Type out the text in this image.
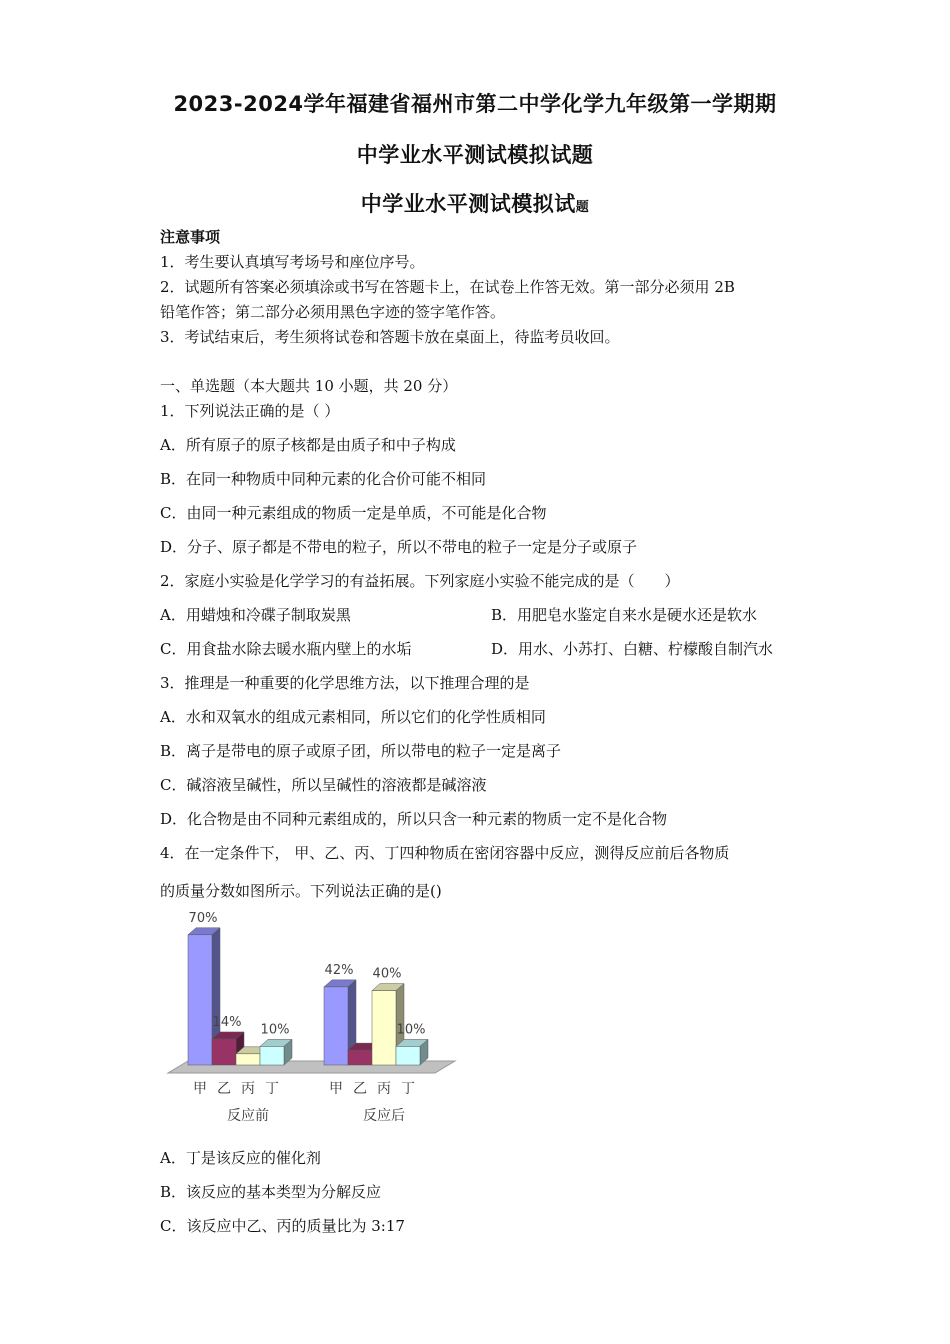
2023-2024学年福建省福州市第二中学化学九年级第一学期期
中学业水平测试模拟试题
中学业水平测试模拟试题
注意事项
1．考生要认真填写考场号和座位序号。
2．试题所有答案必须填涂或书写在答题卡上，在试卷上作答无效。第一部分必须用 2B
铅笔作答；第二部分必须用黑色字迹的签字笔作答。
3．考试结束后，考生须将试卷和答题卡放在桌面上，待监考员收回。
一、单选题（本大题共 10 小题，共 20 分）
1．下列说法正确的是（ ）
A．所有原子的原子核都是由质子和中子构成
B．在同一种物质中同种元素的化合价可能不相同
C．由同一种元素组成的物质一定是单质，不可能是化合物
D．分子、原子都是不带电的粒子，所以不带电的粒子一定是分子或原子
2．家庭小实验是化学学习的有益拓展。下列家庭小实验不能完成的是（　　）
A．用蜡烛和冷碟子制取炭黑	B．用肥皂水鉴定自来水是硬水还是软水
C．用食盐水除去暖水瓶内壁上的水垢	D．用水、小苏打、白糖、柠檬酸自制汽水
3．推理是一种重要的化学思维方法，以下推理合理的是
A．水和双氧水的组成元素相同，所以它们的化学性质相同
B．离子是带电的原子或原子团，所以带电的粒子一定是离子
C．碱溶液呈碱性，所以呈碱性的溶液都是碱溶液
D．化合物是由不同种元素组成的，所以只含一种元素的物质一定不是化合物
4．在一定条件下， 甲、乙、丙、丁四种物质在密闭容器中反应，测得反应前后各物质
的质量分数如图所示。下列说法正确的是()
70%
14% 10%
甲 乙 丙 丁
反应前
42% 40%
10%
甲 乙 丙 丁
反应后
A．丁是该反应的催化剂
B．该反应的基本类型为分解反应
C．该反应中乙、丙的质量比为 3:17
